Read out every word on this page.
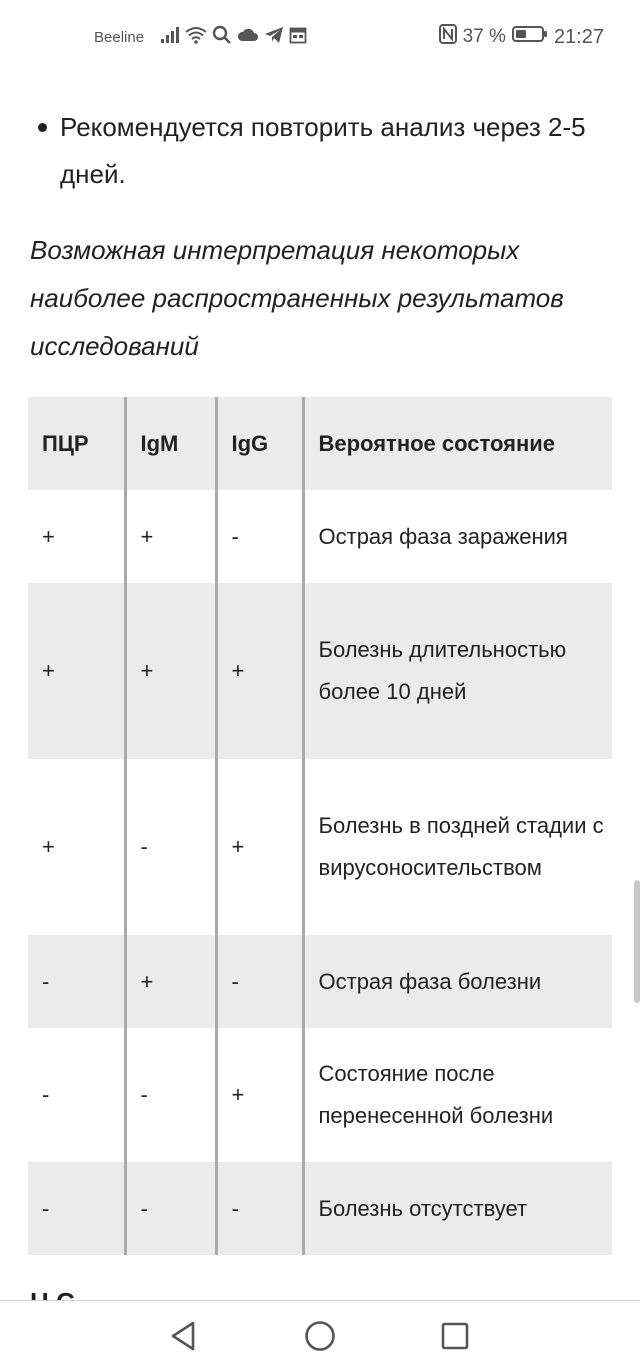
Beeline	37 % 21:27
Рекомендуется повторить анализ через 2-5 дней.

Возможная интерпретация некоторых наиболее распространенных результатов исследований

ПЦР	IgM	IgG	Вероятное состояние
+	+	-	Острая фаза заражения
+	+	+	Болезнь длительностью более 10 дней
+	-	+	Болезнь в поздней стадии с вирусоносительством
-	+	-	Острая фаза болезни
-	-	+	Состояние после перенесенной болезни
-	-	-	Болезнь отсутствует
